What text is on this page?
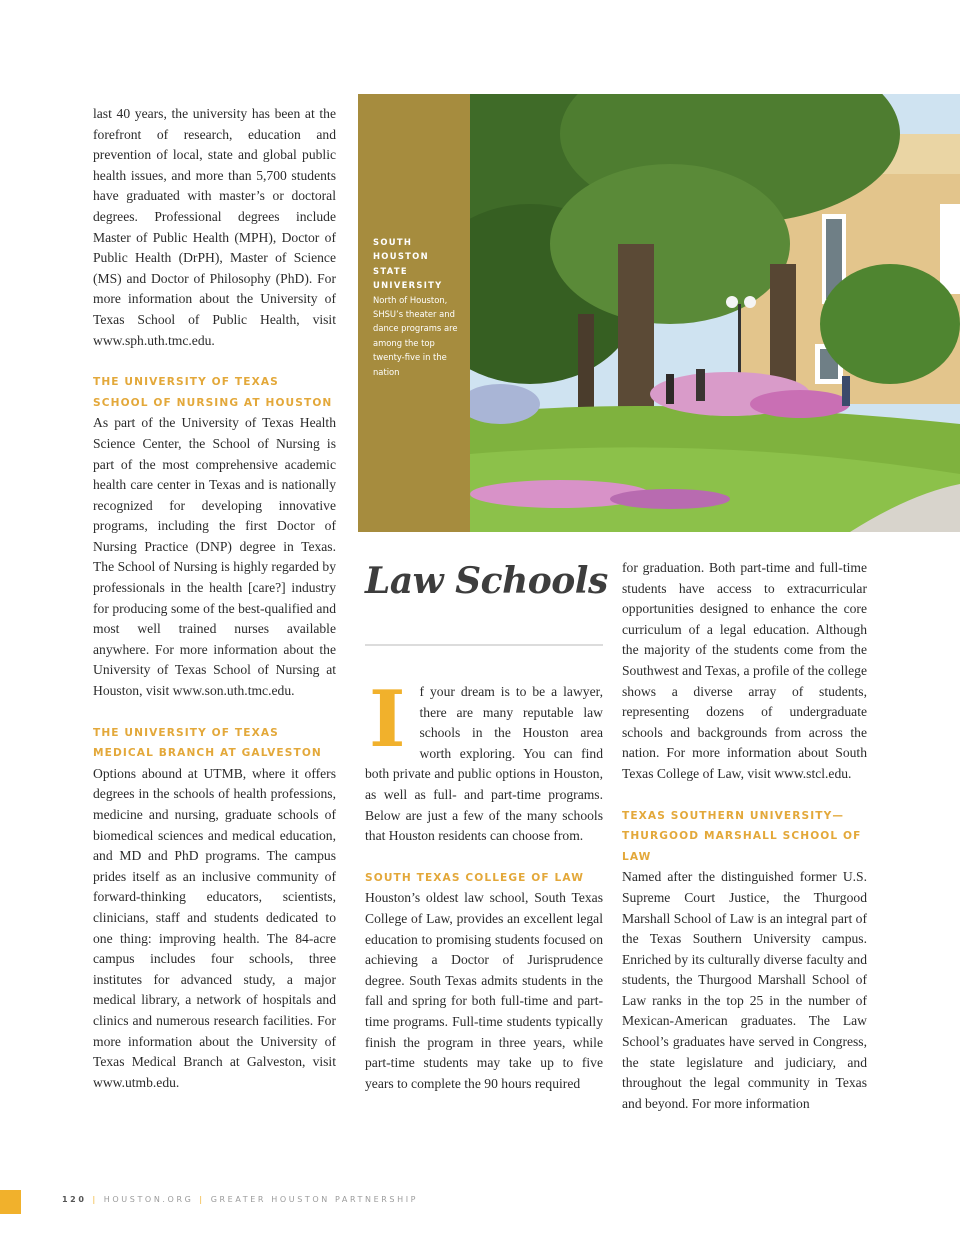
last 40 years, the university has been at the forefront of research, education and prevention of local, state and global public health issues, and more than 5,700 students have graduated with master’s or doctoral degrees. Professional degrees include Master of Public Health (MPH), Doctor of Public Health (DrPH), Master of Science (MS) and Doctor of Philosophy (PhD). For more information about the University of Texas School of Public Health, visit www.sph.uth.tmc.edu.

THE UNIVERSITY OF TEXAS

SCHOOL OF NURSING AT HOUSTON

As part of the University of Texas Health Science Center, the School of Nursing is part of the most comprehensive academic health care center in Texas and is nationally recognized for developing innovative programs, including the first Doctor of Nursing Practice (DNP) degree in Texas. The School of Nursing is highly regarded by professionals in the health [care?] industry for producing some of the best-qualified and most well trained nurses available anywhere. For more information about the University of Texas School of Nursing at Houston, visit www.son.uth.tmc.edu.

THE UNIVERSITY OF TEXAS

MEDICAL BRANCH AT GALVESTON

Options abound at UTMB, where it offers degrees in the schools of health professions, medicine and nursing, graduate schools of biomedical sciences and medical education, and MD and PhD programs. The campus prides itself as an inclusive community of forward-thinking educators, scientists, clinicians, staff and students dedicated to one thing: improving health. The 84-acre campus includes four schools, three institutes for advanced study, a major medical library, a network of hospitals and clinics and numerous research facilities. For more information about the University of Texas Medical Branch at Galveston, visit www.utmb.edu.

SOUTH HOUSTON STATE UNIVERSITY
North of Houston, SHSU’s theater and dance programs are among the top twenty-five in the nation
Law Schools

I f your dream is to be a lawyer, there are many reputable law schools in the Houston area worth exploring. You can find both private and public options in Houston, as well as full- and part-time programs. Below are just a few of the many schools that Houston residents can choose from.

SOUTH TEXAS COLLEGE OF LAW

Houston’s oldest law school, South Texas College of Law, provides an excellent legal education to promising students focused on achieving a Doctor of Jurisprudence degree. South Texas admits students in the fall and spring for both full-time and part-time programs. Full-time students typically finish the program in three years, while part-time students may take up to five years to complete the 90 hours required

for graduation. Both part-time and full-time students have access to extracurricular opportunities designed to enhance the core curriculum of a legal education. Although the majority of the students come from the Southwest and Texas, a profile of the college shows a diverse array of students, representing dozens of undergraduate schools and backgrounds from across the nation. For more information about South Texas College of Law, visit www.stcl.edu.

TEXAS SOUTHERN UNIVERSITY—

THURGOOD MARSHALL SCHOOL OF LAW

Named after the distinguished former U.S. Supreme Court Justice, the Thurgood Marshall School of Law is an integral part of the Texas Southern University campus. Enriched by its culturally diverse faculty and students, the Thurgood Marshall School of Law ranks in the top 25 in the number of Mexican-American graduates. The Law School’s graduates have served in Congress, the state legislature and judiciary, and throughout the legal community in Texas and beyond. For more information

120 | HOUSTON.ORG | GREATER HOUSTON PARTNERSHIP
